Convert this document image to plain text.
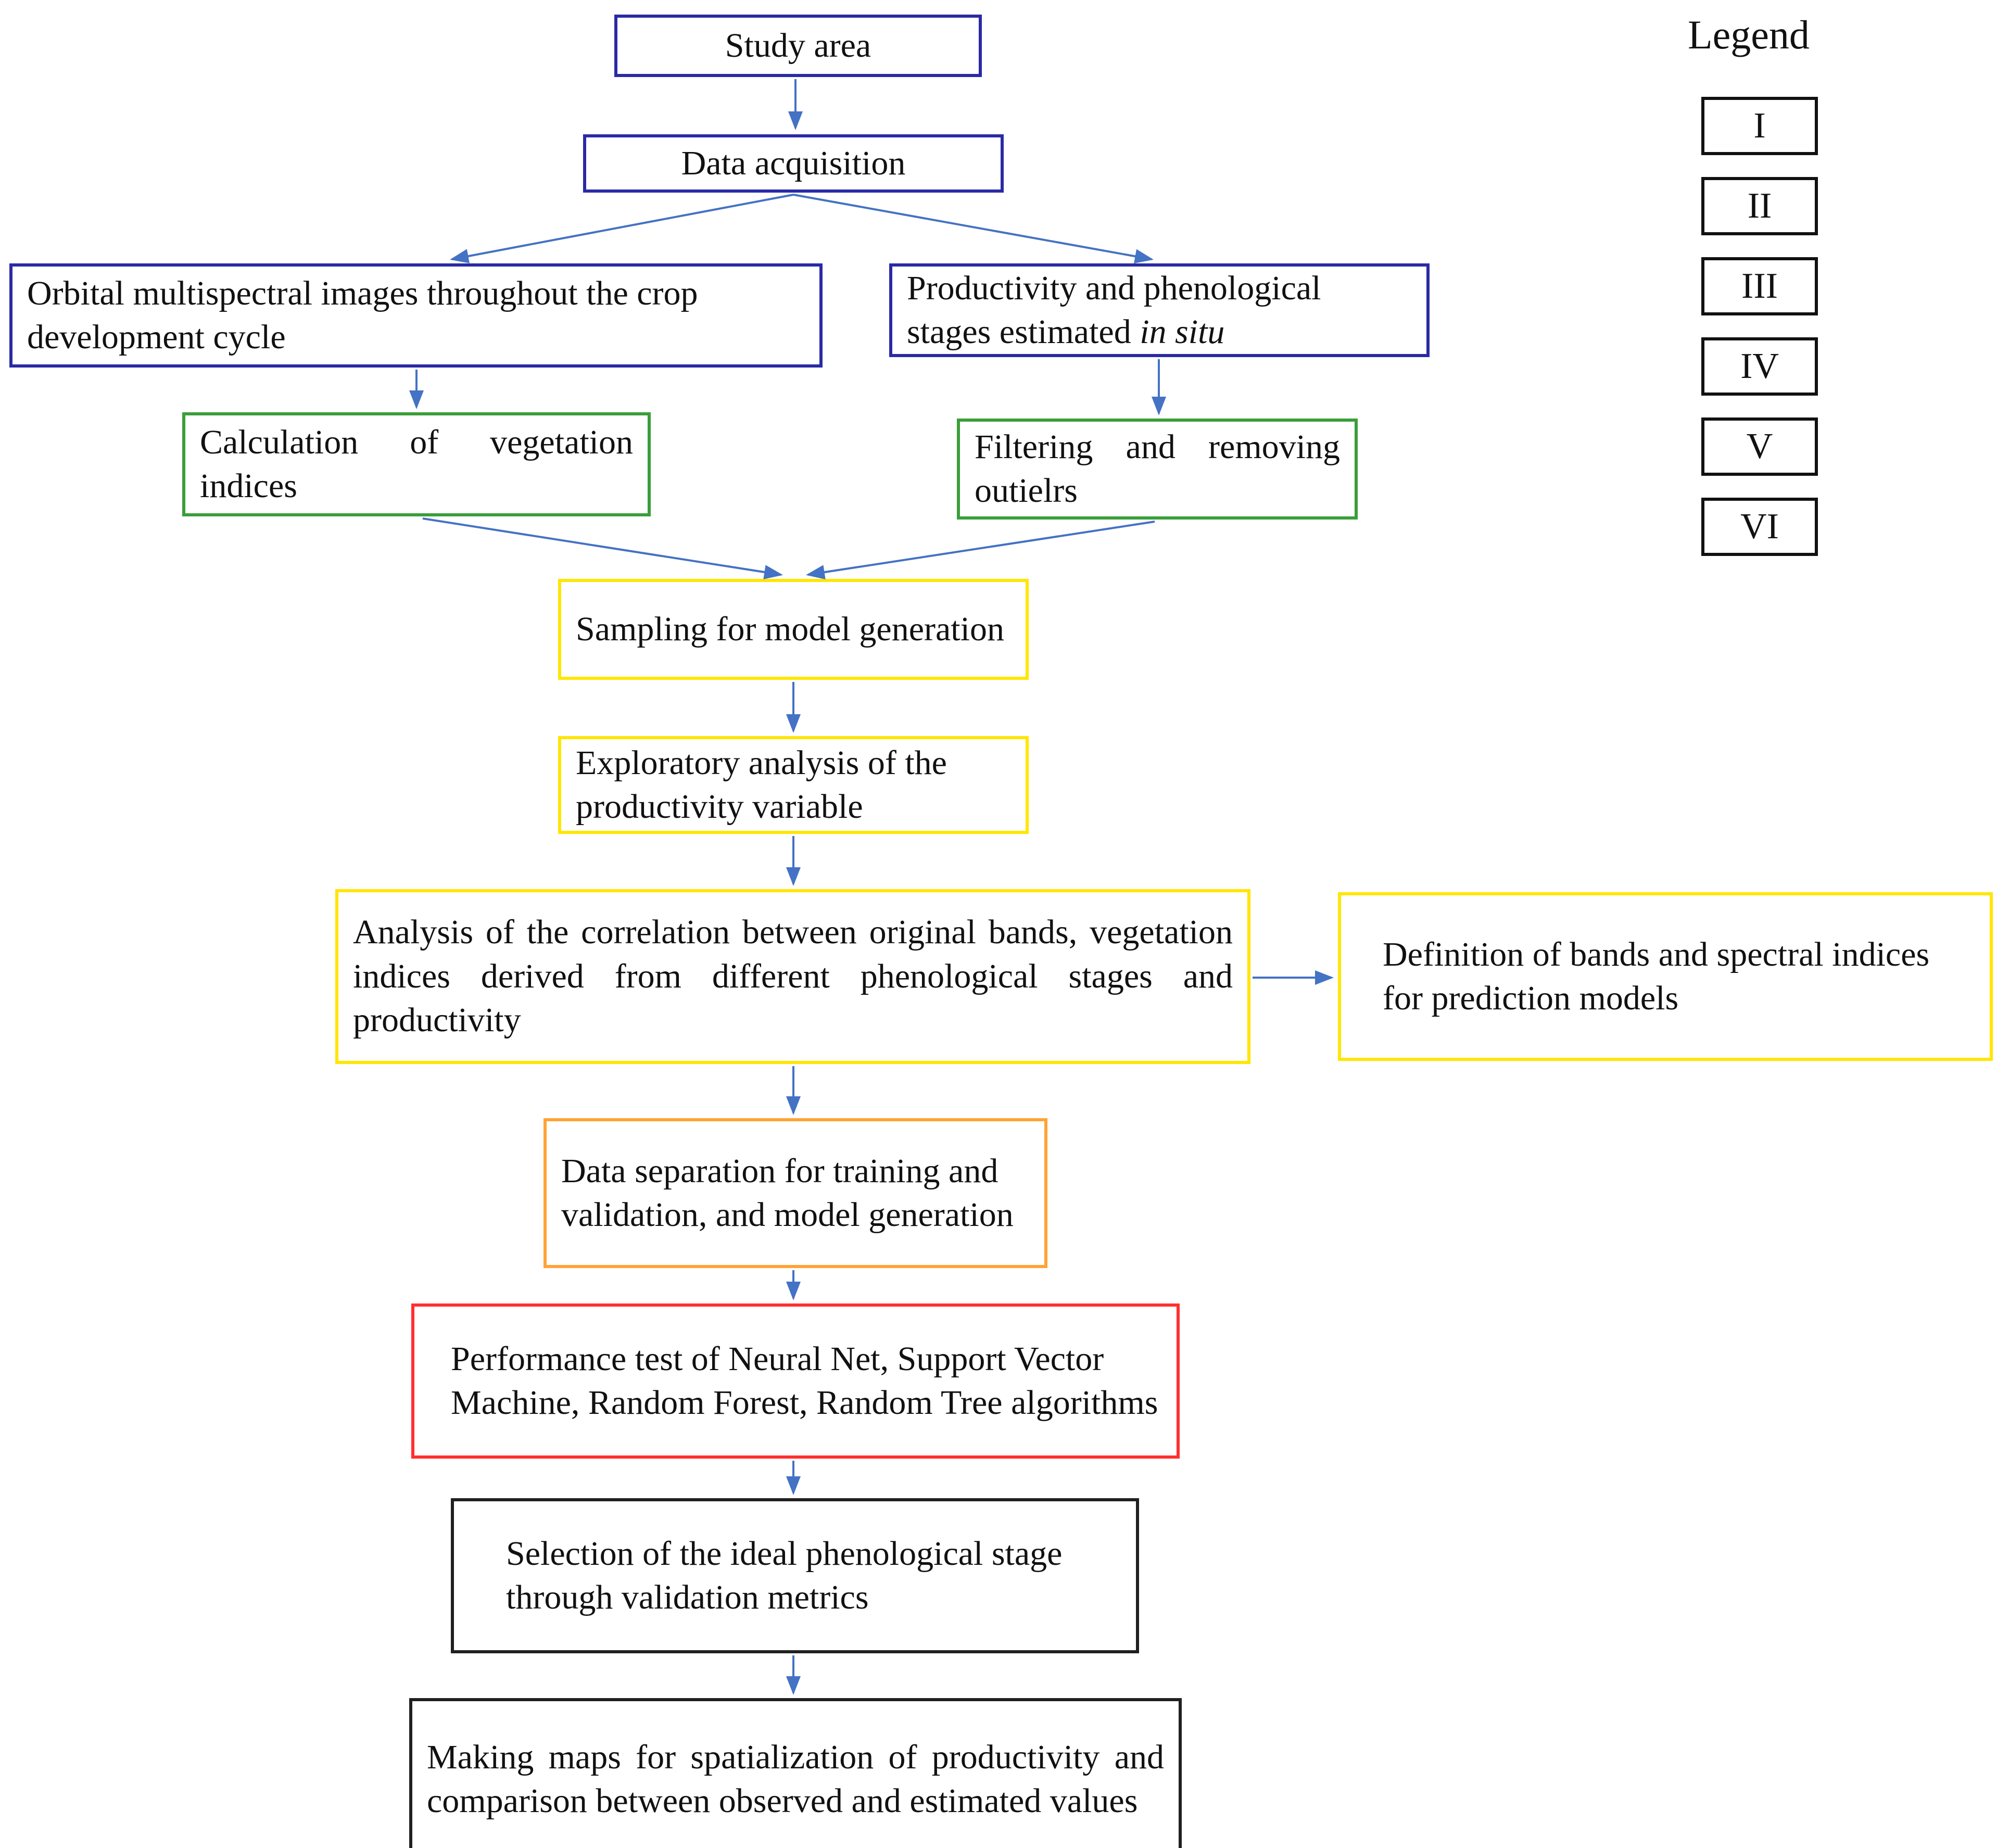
Study area
Data acquisition
Orbital multispectral images throughout the crop development cycle
Productivity and phenological stages estimated in situ
Calculation of vegetation indices
Filtering and removing outielrs
Sampling for model generation
Exploratory analysis of the productivity variable
Analysis of the correlation between original bands, vegetation indices derived from different phenological stages and productivity
Definition of bands and spectral indices for prediction models
Data separation for training and validation, and model generation
Performance test of Neural Net, Support Vector Machine, Random Forest, Random Tree algorithms
Selection of the ideal phenological stage through validation metrics
Making maps for spatialization of productivity and comparison between observed and estimated values
Legend
I
II
III
IV
V
VI
